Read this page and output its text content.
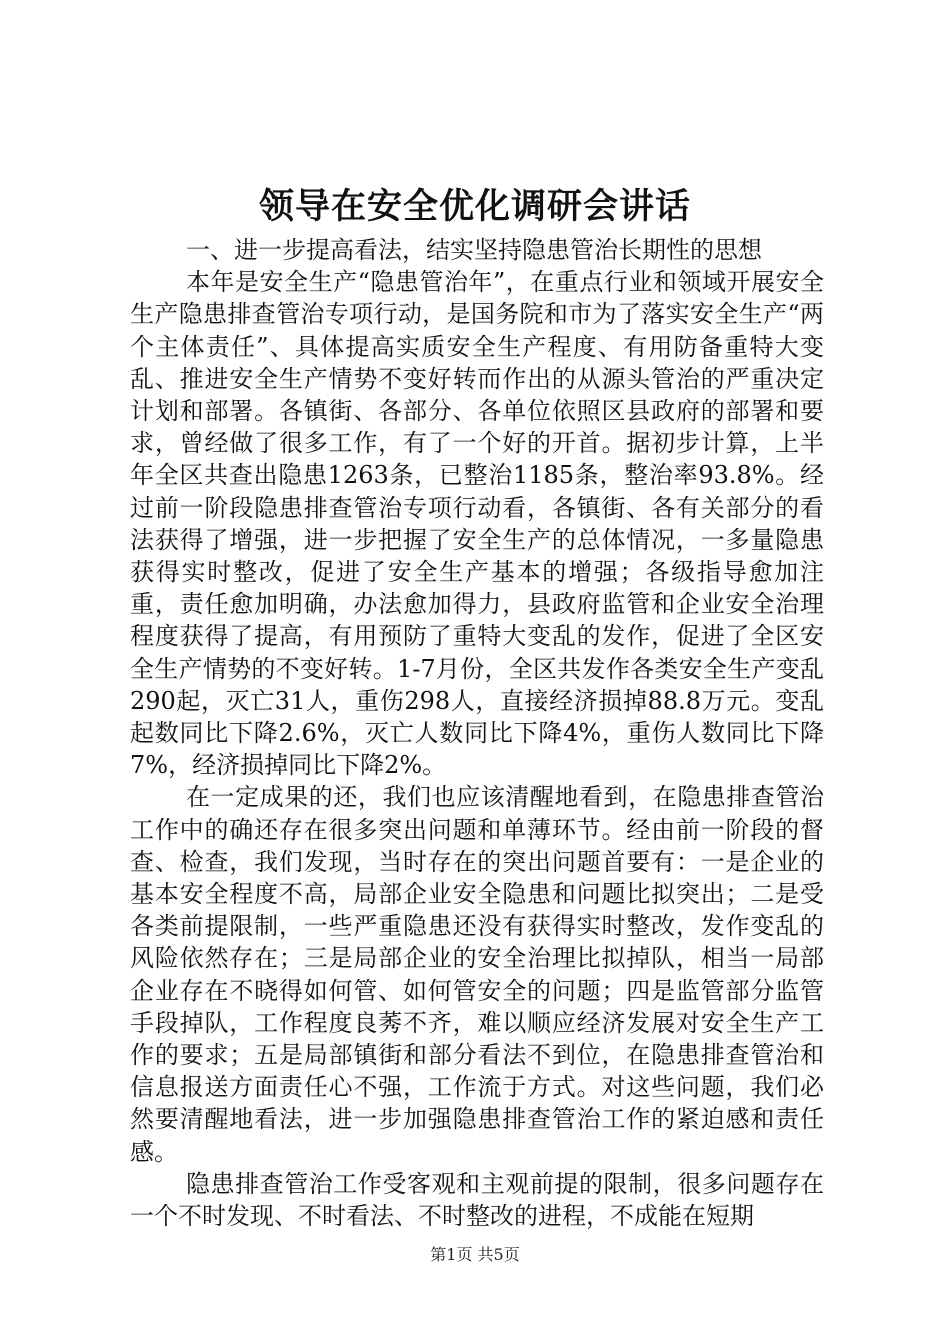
领导在安全优化调研会讲话

一、进一步提高看法，结实坚持隐患管治长期性的思想

本年是安全生产“隐患管治年”，在重点行业和领域开展安全生产隐患排查管治专项行动，是国务院和市为了落实安全生产“两个主体责任”、具体提高实质安全生产程度、有用防备重特大变乱、推进安全生产情势不变好转而作出的从源头管治的严重决定计划和部署。各镇街、各部分、各单位依照区县政府的部署和要求，曾经做了很多工作，有了一个好的开首。据初步计算，上半年全区共查出隐患1263条，已整治1185条，整治率93.8%。经过前一阶段隐患排查管治专项行动看，各镇街、各有关部分的看法获得了增强，进一步把握了安全生产的总体情况，一多量隐患获得实时整改，促进了安全生产基本的增强；各级指导愈加注重，责任愈加明确，办法愈加得力，县政府监管和企业安全治理程度获得了提高，有用预防了重特大变乱的发作，促进了全区安全生产情势的不变好转。1-7月份，全区共发作各类安全生产变乱290起，灭亡31人，重伤298人，直接经济损掉88.8万元。变乱起数同比下降2.6%，灭亡人数同比下降4%，重伤人数同比下降7%，经济损掉同比下降2%。

在一定成果的还，我们也应该清醒地看到，在隐患排查管治工作中的确还存在很多突出问题和单薄环节。经由前一阶段的督查、检查，我们发现，当时存在的突出问题首要有：一是企业的基本安全程度不高，局部企业安全隐患和问题比拟突出；二是受各类前提限制，一些严重隐患还没有获得实时整改，发作变乱的风险依然存在；三是局部企业的安全治理比拟掉队，相当一局部企业存在不晓得如何管、如何管安全的问题；四是监管部分监管手段掉队，工作程度良莠不齐，难以顺应经济发展对安全生产工作的要求；五是局部镇街和部分看法不到位，在隐患排查管治和信息报送方面责任心不强，工作流于方式。对这些问题，我们必然要清醒地看法，进一步加强隐患排查管治工作的紧迫感和责任感。

隐患排查管治工作受客观和主观前提的限制，很多问题存在一个不时发现、不时看法、不时整改的进程，不成能在短期

第1页 共5页
